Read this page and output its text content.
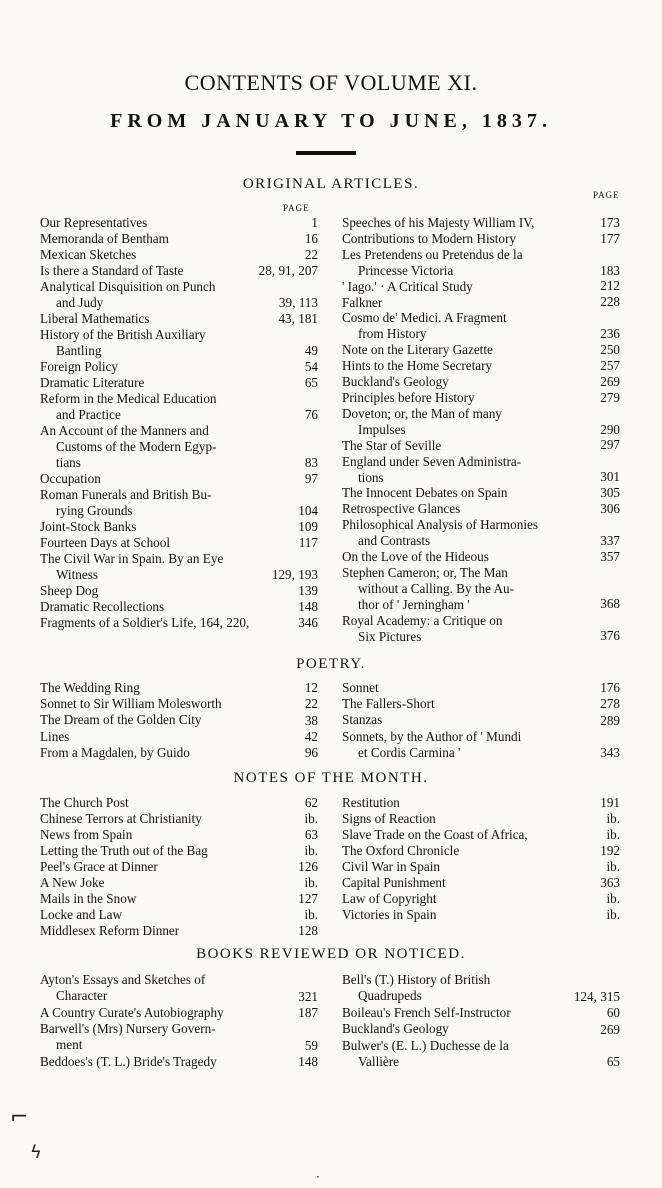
CONTENTS OF VOLUME XI.
FROM JANUARY TO JUNE, 1837.
ORIGINAL ARTICLES.
PAGE
PAGE
Our Representatives	1
Memoranda of Bentham	16
Mexican Sketches	22
Is there a Standard of Taste	28, 91, 207
Analytical Disquisition on Punch
and Judy	39, 113
Liberal Mathematics	43, 181
History of the British Auxiliary
Bantling	49
Foreign Policy	54
Dramatic Literature	65
Reform in the Medical Education
and Practice	76
An Account of the Manners and
Customs of the Modern Egyp-
tians	83
Occupation	97
Roman Funerals and British Bu-
rying Grounds	104
Joint-Stock Banks	109
Fourteen Days at School	117
The Civil War in Spain. By an Eye
Witness	129, 193
Sheep Dog	139
Dramatic Recollections	148
Fragments of a Soldier's Life, 164, 220,	346
Speeches of his Majesty William IV,	173
Contributions to Modern History	177
Les Pretendens ou Pretendus de la
Princesse Victoria	183
' Iago.' · A Critical Study	212
Falkner	228
Cosmo de' Medici. A Fragment
from History	236
Note on the Literary Gazette	250
Hints to the Home Secretary	257
Buckland's Geology	269
Principles before History	279
Doveton; or, the Man of many
Impulses	290
The Star of Seville	297
England under Seven Administra-
tions	301
The Innocent Debates on Spain	305
Retrospective Glances	306
Philosophical Analysis of Harmonies
and Contrasts	337
On the Love of the Hideous	357
Stephen Cameron; or, The Man
without a Calling. By the Au-
thor of ' Jerningham '	368
Royal Academy: a Critique on
Six Pictures	376
POETRY.
The Wedding Ring	12
Sonnet to Sir William Molesworth	22
The Dream of the Golden City	38
Lines	42
From a Magdalen, by Guido	96
Sonnet	176
The Fallers-Short	278
Stanzas	289
Sonnets, by the Author of ' Mundi
et Cordis Carmina '	343
NOTES OF THE MONTH.
The Church Post	62
Chinese Terrors at Christianity	ib.
News from Spain	63
Letting the Truth out of the Bag	ib.
Peel's Grace at Dinner	126
A New Joke	ib.
Mails in the Snow	127
Locke and Law	ib.
Middlesex Reform Dinner	128
Restitution	191
Signs of Reaction	ib.
Slave Trade on the Coast of Africa,	ib.
The Oxford Chronicle	192
Civil War in Spain	ib.
Capital Punishment	363
Law of Copyright	ib.
Victories in Spain	ib.
BOOKS REVIEWED OR NOTICED.
Ayton's Essays and Sketches of
Character	321
A Country Curate's Autobiography	187
Barwell's (Mrs) Nursery Govern-
ment	59
Beddoes's (T. L.) Bride's Tragedy	148
Bell's (T.) History of British
Quadrupeds	124, 315
Boileau's French Self-Instructor	60
Buckland's Geology	269
Bulwer's (E. L.) Duchesse de la
Vallière	65
⌐
ϟ
·
